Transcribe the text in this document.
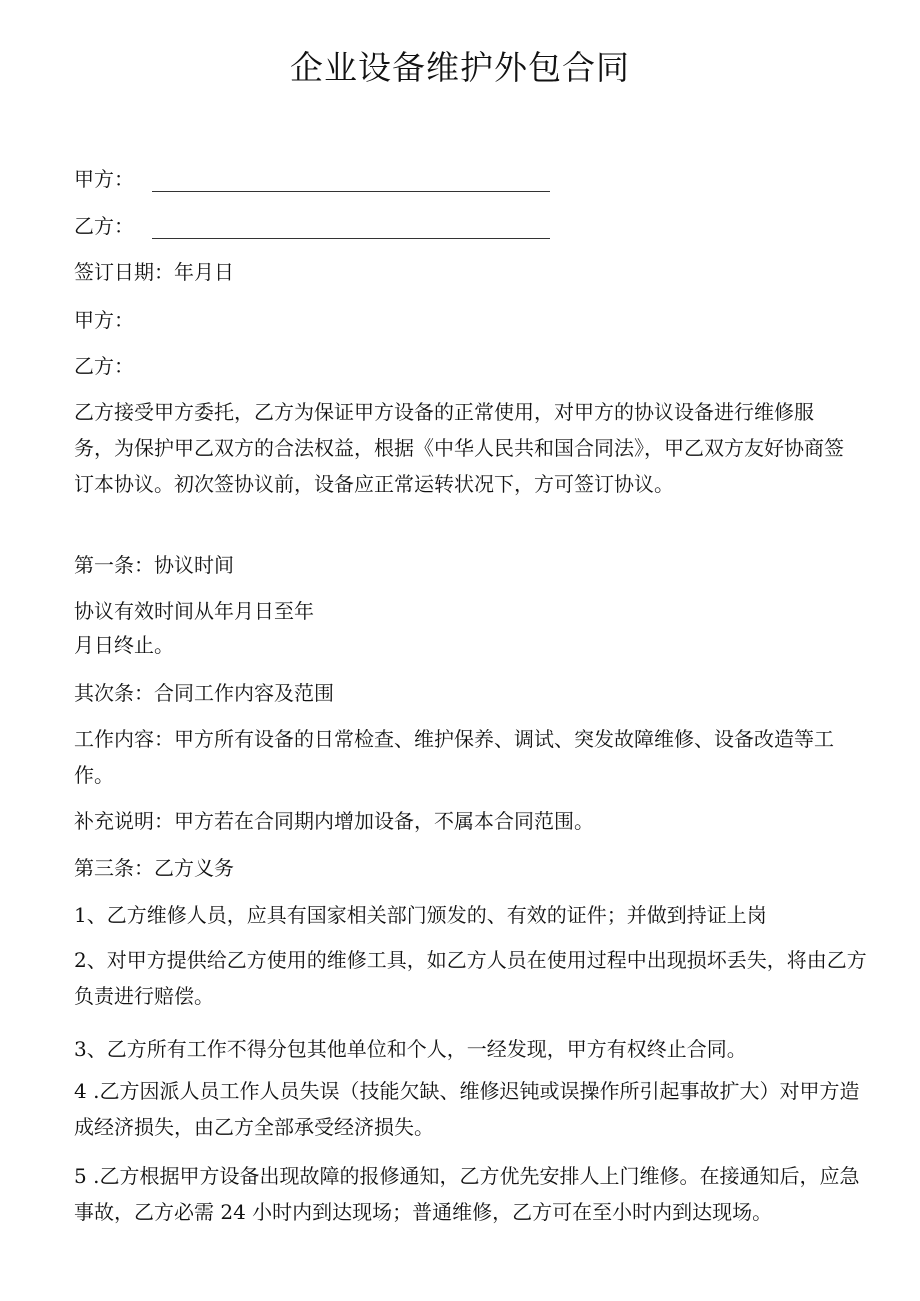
企业设备维护外包合同
甲方：
乙方：
签订日期：年月日
甲方：
乙方：
乙方接受甲方委托，乙方为保证甲方设备的正常使用，对甲方的协议设备进行维修服务，为保护甲乙双方的合法权益，根据《中华人民共和国合同法》，甲乙双方友好协商签订本协议。初次签协议前，设备应正常运转状况下，方可签订协议。
第一条：协议时间
协议有效时间从年月日至年
月日终止。
其次条：合同工作内容及范围
工作内容：甲方所有设备的日常检查、维护保养、调试、突发故障维修、设备改造等工作。
补充说明：甲方若在合同期内增加设备，不属本合同范围。
第三条：乙方义务
1、乙方维修人员，应具有国家相关部门颁发的、有效的证件；并做到持证上岗
2、对甲方提供给乙方使用的维修工具，如乙方人员在使用过程中出现损坏丢失，将由乙方负责进行赔偿。
3、乙方所有工作不得分包其他单位和个人，一经发现，甲方有权终止合同。
4 .乙方因派人员工作人员失误（技能欠缺、维修迟钝或误操作所引起事故扩大）对甲方造成经济损失，由乙方全部承受经济损失。
5 .乙方根据甲方设备出现故障的报修通知，乙方优先安排人上门维修。在接通知后，应急事故，乙方必需 24 小时内到达现场；普通维修，乙方可在至小时内到达现场。
